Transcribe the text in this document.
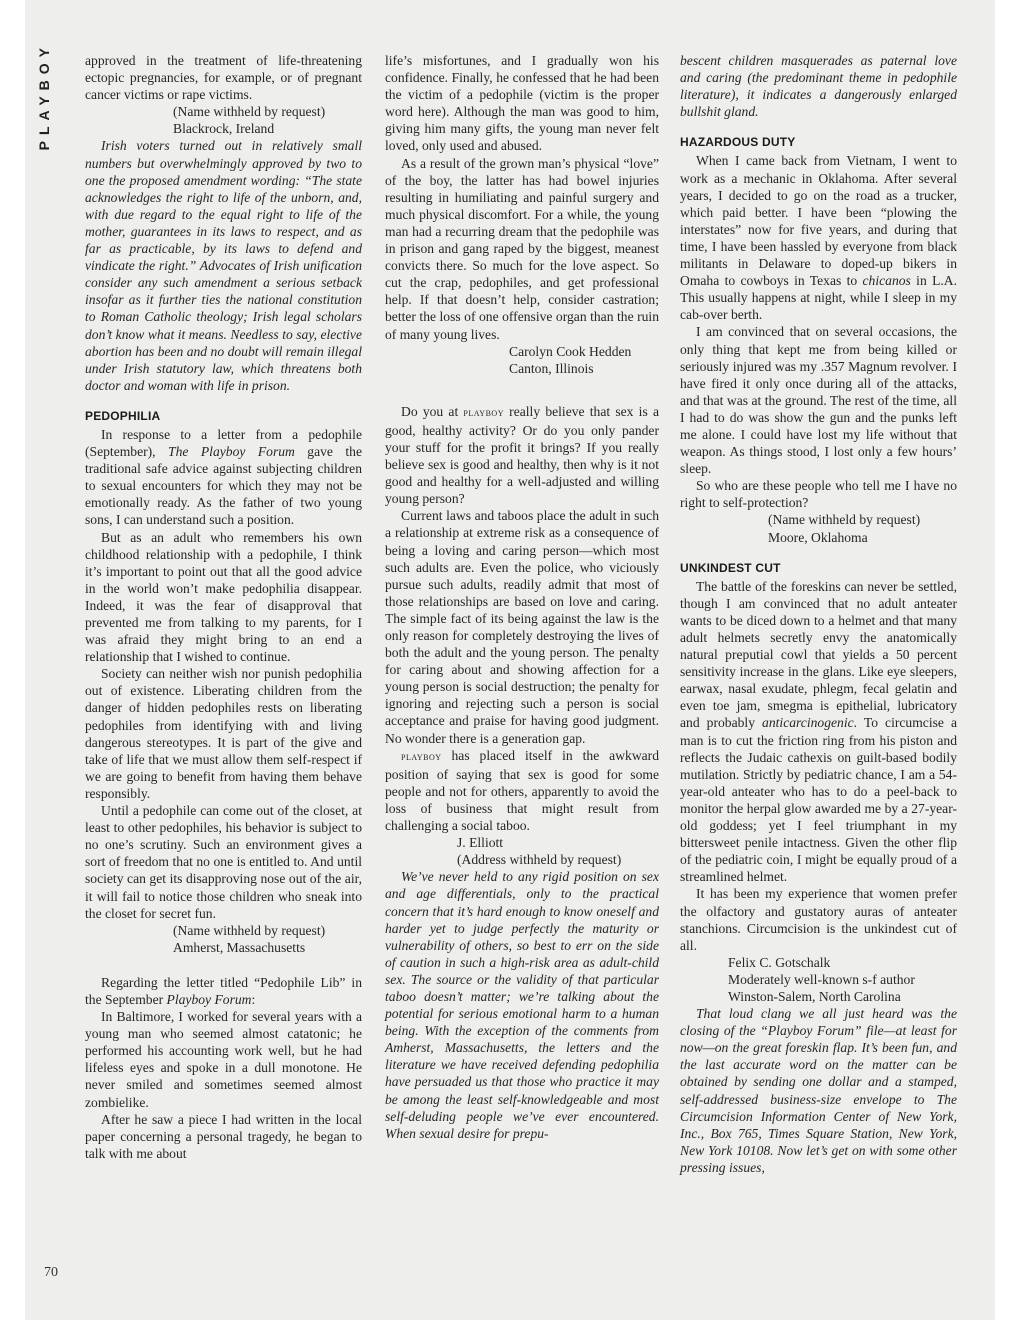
PLAYBOY
70

approved in the treatment of life-threatening ectopic pregnancies, for example, or of pregnant cancer victims or rape victims.

(Name withheld by request)
Blackrock, Ireland

Irish voters turned out in relatively small numbers but overwhelmingly approved by two to one the proposed amendment wording: “The state acknowledges the right to life of the unborn, and, with due regard to the equal right to life of the mother, guarantees in its laws to respect, and as far as practicable, by its laws to defend and vindicate the right.” Advocates of Irish unification consider any such amendment a serious setback insofar as it further ties the national constitution to Roman Catholic theology; Irish legal scholars don’t know what it means. Needless to say, elective abortion has been and no doubt will remain illegal under Irish statutory law, which threatens both doctor and woman with life in prison.

PEDOPHILIA

In response to a letter from a pedophile (September), The Playboy Forum gave the traditional safe advice against subjecting children to sexual encounters for which they may not be emotionally ready. As the father of two young sons, I can understand such a position.

But as an adult who remembers his own childhood relationship with a pedophile, I think it’s important to point out that all the good advice in the world won’t make pedophilia disappear. Indeed, it was the fear of disapproval that prevented me from talking to my parents, for I was afraid they might bring to an end a relationship that I wished to continue.

Society can neither wish nor punish pedophilia out of existence. Liberating children from the danger of hidden pedophiles rests on liberating pedophiles from identifying with and living dangerous stereotypes. It is part of the give and take of life that we must allow them self-respect if we are going to benefit from having them behave responsibly.

Until a pedophile can come out of the closet, at least to other pedophiles, his behavior is subject to no one’s scrutiny. Such an environment gives a sort of freedom that no one is entitled to. And until society can get its disapproving nose out of the air, it will fail to notice those children who sneak into the closet for secret fun.

(Name withheld by request)
Amherst, Massachusetts

Regarding the letter titled “Pedophile Lib” in the September Playboy Forum:

In Baltimore, I worked for several years with a young man who seemed almost catatonic; he performed his accounting work well, but he had lifeless eyes and spoke in a dull monotone. He never smiled and sometimes seemed almost zombielike.

After he saw a piece I had written in the local paper concerning a personal tragedy, he began to talk with me about

life’s misfortunes, and I gradually won his confidence. Finally, he confessed that he had been the victim of a pedophile (victim is the proper word here). Although the man was good to him, giving him many gifts, the young man never felt loved, only used and abused.

As a result of the grown man’s physical “love” of the boy, the latter has had bowel injuries resulting in humiliating and painful surgery and much physical discomfort. For a while, the young man had a recurring dream that the pedophile was in prison and gang raped by the biggest, meanest convicts there. So much for the love aspect. So cut the crap, pedophiles, and get professional help. If that doesn’t help, consider castration; better the loss of one offensive organ than the ruin of many young lives.

Carolyn Cook Hedden
Canton, Illinois

Do you at playboy really believe that sex is a good, healthy activity? Or do you only pander your stuff for the profit it brings? If you really believe sex is good and healthy, then why is it not good and healthy for a well-adjusted and willing young person?

Current laws and taboos place the adult in such a relationship at extreme risk as a consequence of being a loving and caring person—which most such adults are. Even the police, who viciously pursue such adults, readily admit that most of those relationships are based on love and caring. The simple fact of its being against the law is the only reason for completely destroying the lives of both the adult and the young person. The penalty for caring about and showing affection for a young person is social destruction; the penalty for ignoring and rejecting such a person is social acceptance and praise for having good judgment. No wonder there is a generation gap.

playboy has placed itself in the awkward position of saying that sex is good for some people and not for others, apparently to avoid the loss of business that might result from challenging a social taboo.

J. Elliott
(Address withheld by request)

We’ve never held to any rigid position on sex and age differentials, only to the practical concern that it’s hard enough to know oneself and harder yet to judge perfectly the maturity or vulnerability of others, so best to err on the side of caution in such a high-risk area as adult-child sex. The source or the validity of that particular taboo doesn’t matter; we’re talking about the potential for serious emotional harm to a human being. With the exception of the comments from Amherst, Massachusetts, the letters and the literature we have received defending pedophilia have persuaded us that those who practice it may be among the least self-knowledgeable and most self-deluding people we’ve ever encountered. When sexual desire for prepu-

bescent children masquerades as paternal love and caring (the predominant theme in pedophile literature), it indicates a dangerously enlarged bullshit gland.

HAZARDOUS DUTY

When I came back from Vietnam, I went to work as a mechanic in Oklahoma. After several years, I decided to go on the road as a trucker, which paid better. I have been “plowing the interstates” now for five years, and during that time, I have been hassled by everyone from black militants in Delaware to doped-up bikers in Omaha to cowboys in Texas to chicanos in L.A. This usually happens at night, while I sleep in my cab-over berth.

I am convinced that on several occasions, the only thing that kept me from being killed or seriously injured was my .357 Magnum revolver. I have fired it only once during all of the attacks, and that was at the ground. The rest of the time, all I had to do was show the gun and the punks left me alone. I could have lost my life without that weapon. As things stood, I lost only a few hours’ sleep.

So who are these people who tell me I have no right to self-protection?

(Name withheld by request)
Moore, Oklahoma
UNKINDEST CUT

The battle of the foreskins can never be settled, though I am convinced that no adult anteater wants to be diced down to a helmet and that many adult helmets secretly envy the anatomically natural preputial cowl that yields a 50 percent sensitivity increase in the glans. Like eye sleepers, earwax, nasal exudate, phlegm, fecal gelatin and even toe jam, smegma is epithelial, lubricatory and probably anticarcinogenic. To circumcise a man is to cut the friction ring from his piston and reflects the Judaic cathexis on guilt-based bodily mutilation. Strictly by pediatric chance, I am a 54-year-old anteater who has to do a peel-back to monitor the herpal glow awarded me by a 27-year-old goddess; yet I feel triumphant in my bittersweet penile intactness. Given the other flip of the pediatric coin, I might be equally proud of a streamlined helmet.

It has been my experience that women prefer the olfactory and gustatory auras of anteater stanchions. Circumcision is the unkindest cut of all.

Felix C. Gotschalk
Moderately well-known s-f author
Winston-Salem, North Carolina

That loud clang we all just heard was the closing of the “Playboy Forum” file—at least for now—on the great foreskin flap. It’s been fun, and the last accurate word on the matter can be obtained by sending one dollar and a stamped, self-addressed business-size envelope to The Circumcision Information Center of New York, Inc., Box 765, Times Square Station, New York, New York 10108. Now let’s get on with some other pressing issues,
